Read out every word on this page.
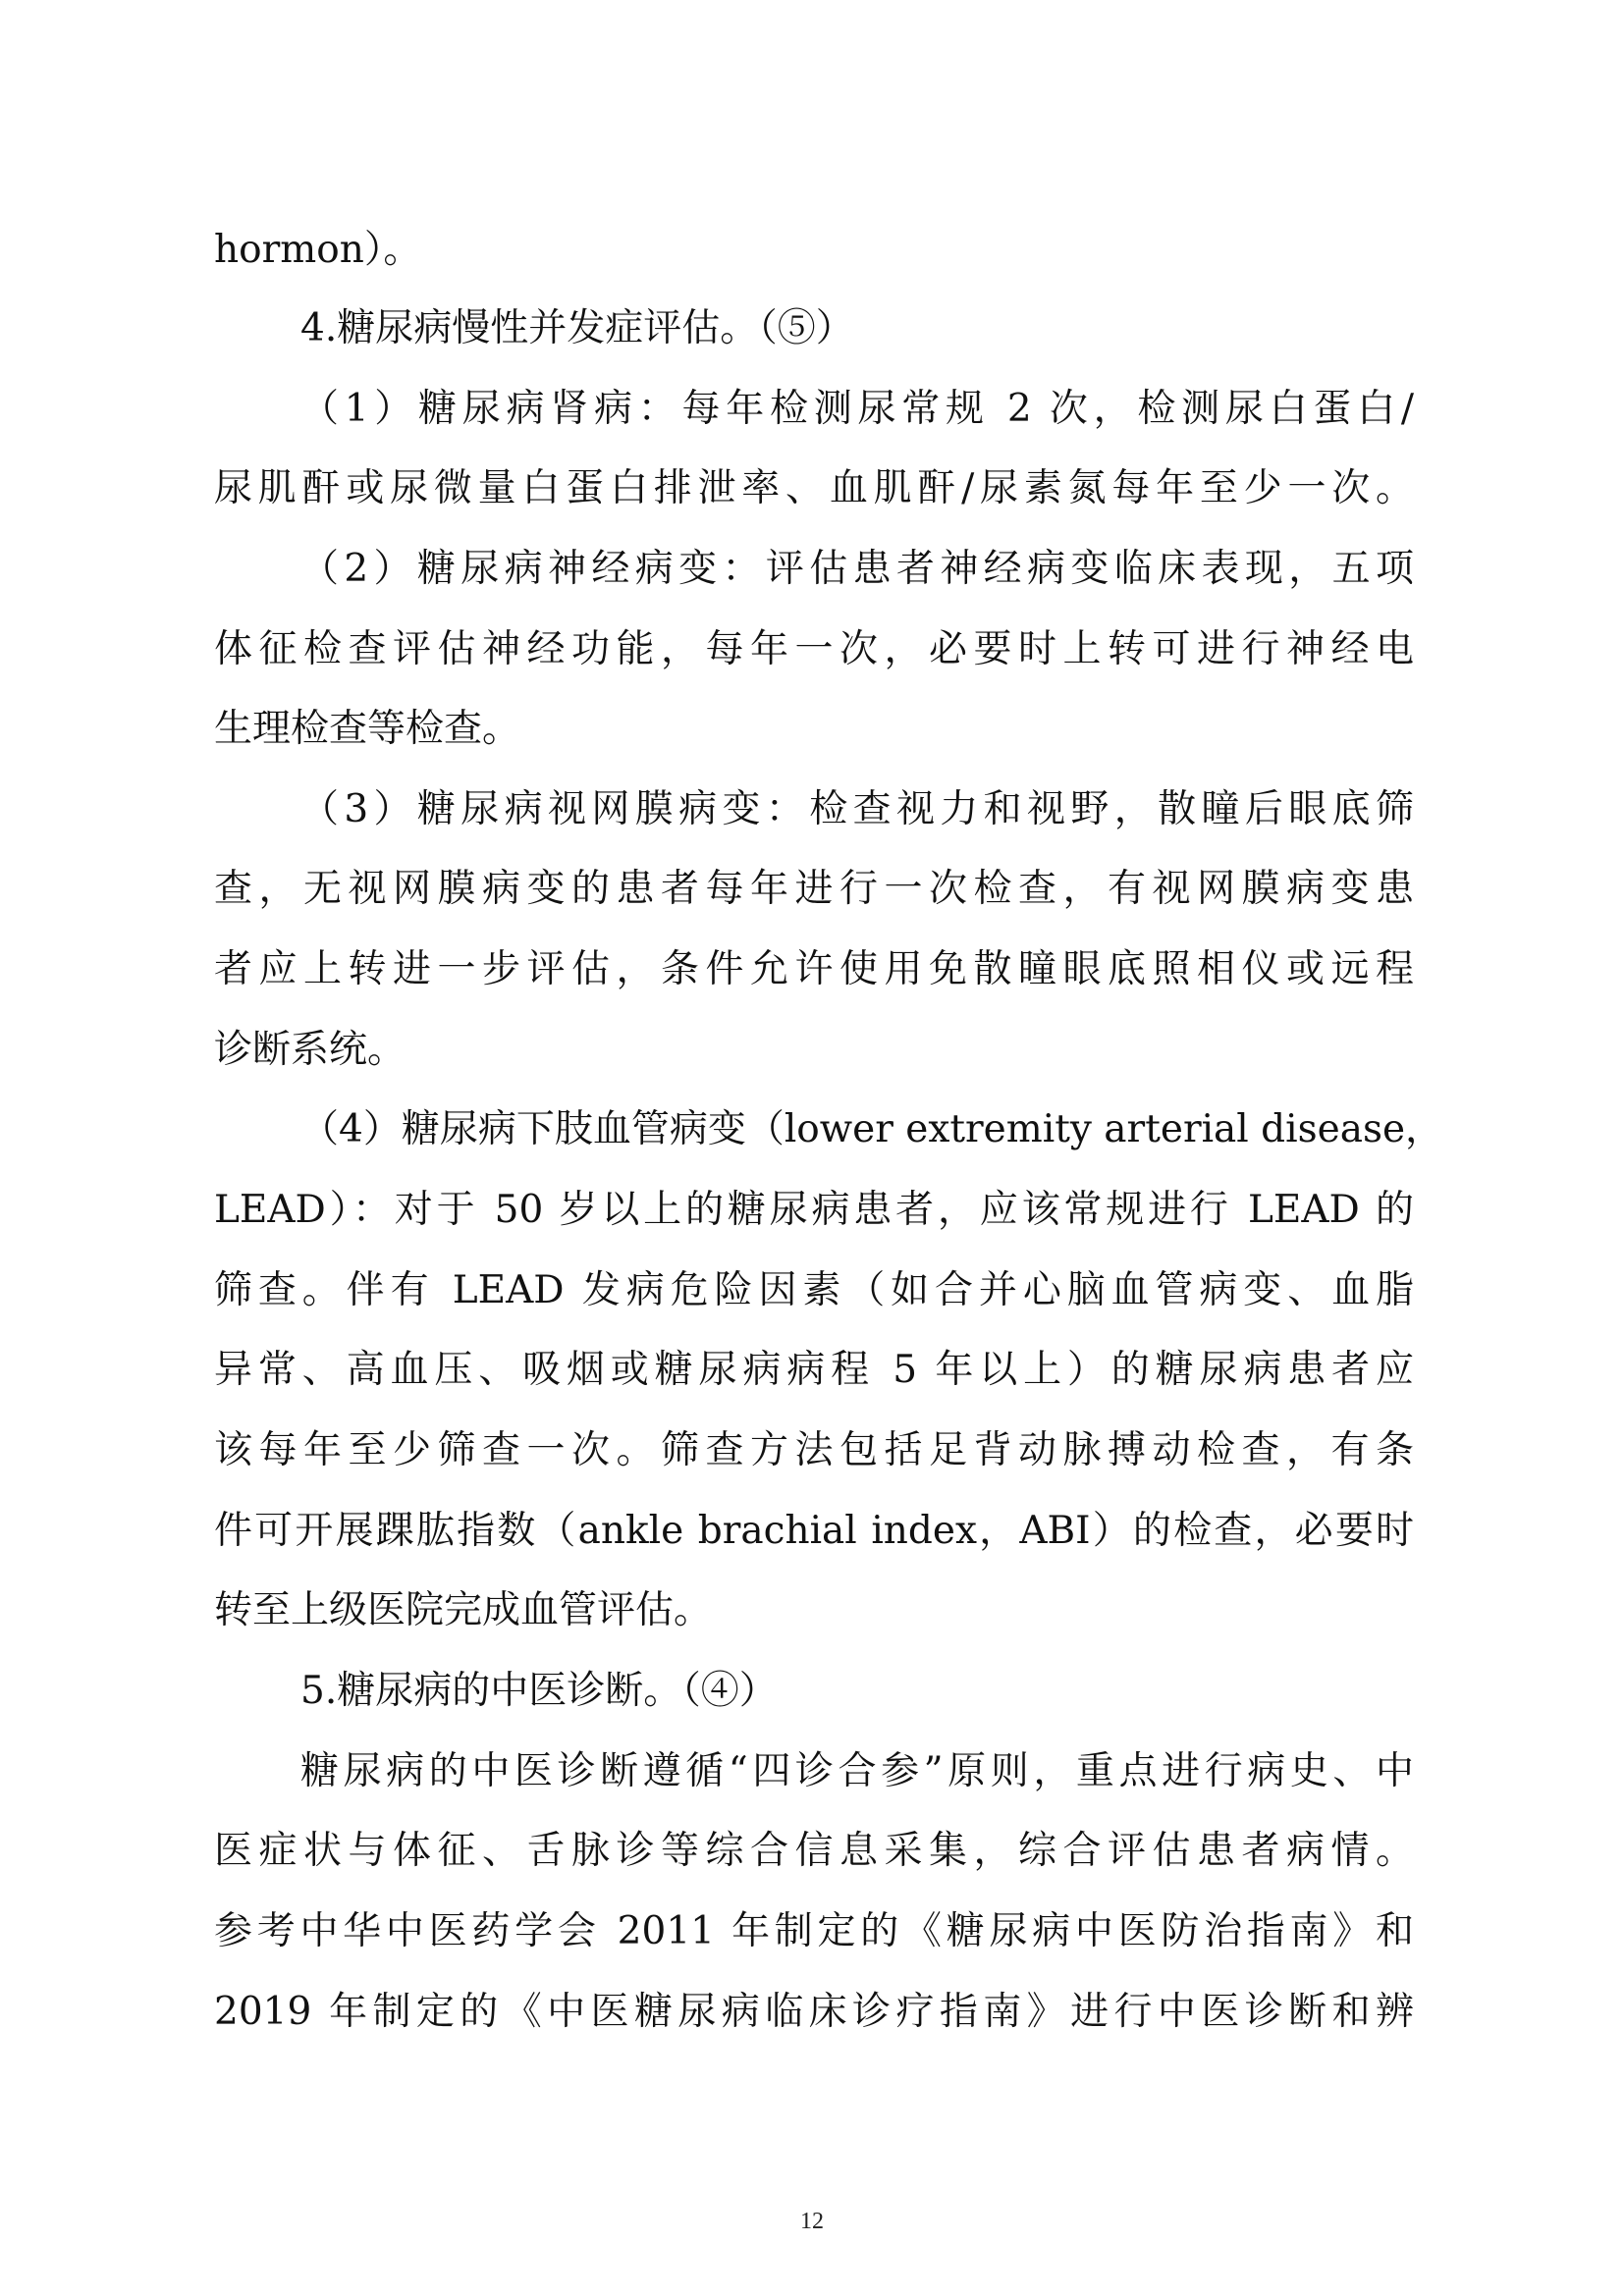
hormon）。
4.糖尿病慢性并发症评估。（⑤）
（1）糖尿病肾病：每年检测尿常规 2 次，检测尿白蛋白/
尿肌酐或尿微量白蛋白排泄率、血肌酐/尿素氮每年至少一次。
（2）糖尿病神经病变：评估患者神经病变临床表现，五项
体征检查评估神经功能，每年一次，必要时上转可进行神经电
生理检查等检查。
（3）糖尿病视网膜病变：检查视力和视野，散瞳后眼底筛
查，无视网膜病变的患者每年进行一次检查，有视网膜病变患
者应上转进一步评估，条件允许使用免散瞳眼底照相仪或远程
诊断系统。
（4）糖尿病下肢血管病变（lower extremity arterial disease，
LEAD）：对于 50 岁以上的糖尿病患者，应该常规进行 LEAD 的
筛查。伴有 LEAD 发病危险因素（如合并心脑血管病变、血脂
异常、高血压、吸烟或糖尿病病程 5 年以上）的糖尿病患者应
该每年至少筛查一次。筛查方法包括足背动脉搏动检查，有条
件可开展踝肱指数（ankle brachial index，ABI）的检查，必要时
转至上级医院完成血管评估。
5.糖尿病的中医诊断。（④）
糖尿病的中医诊断遵循“四诊合参”原则，重点进行病史、中
医症状与体征、舌脉诊等综合信息采集，综合评估患者病情。
参考中华中医药学会 2011 年制定的《糖尿病中医防治指南》和
2019 年制定的《中医糖尿病临床诊疗指南》进行中医诊断和辨
12
